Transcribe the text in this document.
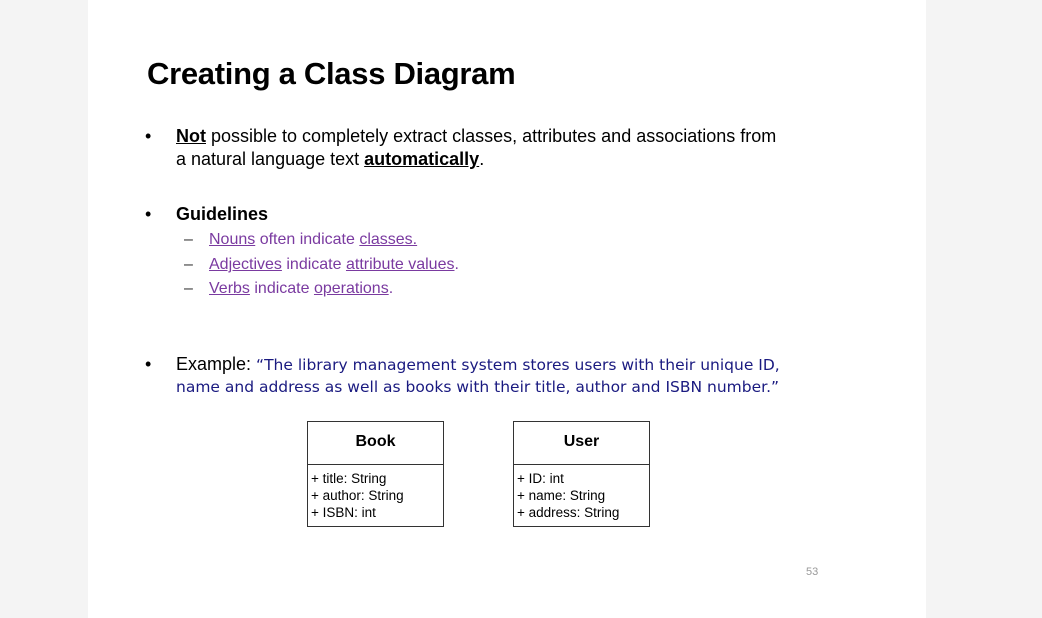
Creating a Class Diagram
• Not possible to completely extract classes, attributes and associations from
a natural language text automatically.
• Guidelines
– Nouns often indicate classes.
– Adjectives indicate attribute values.
– Verbs indicate operations.
• Example: “The library management system stores users with their unique ID,
name and address as well as books with their title, author and ISBN number.”
Book
+ title: String
+ author: String
+ ISBN: int
User
+ ID: int
+ name: String
+ address: String
53
